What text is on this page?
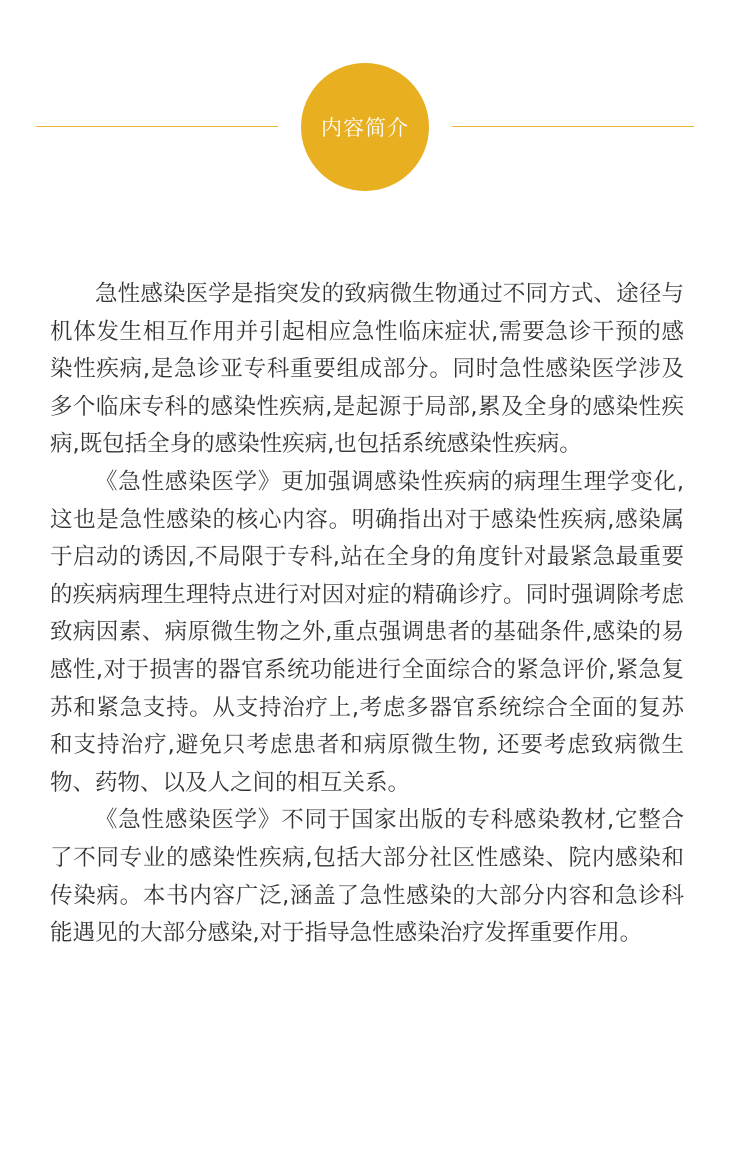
内容简介

急性感染医学是指突发的致病微生物通过不同方式、途径与机体发生相互作用并引起相应急性临床症状,需要急诊干预的感染性疾病,是急诊亚专科重要组成部分。同时急性感染医学涉及多个临床专科的感染性疾病,是起源于局部,累及全身的感染性疾病,既包括全身的感染性疾病,也包括系统感染性疾病。

《急性感染医学》更加强调感染性疾病的病理生理学变化,这也是急性感染的核心内容。明确指出对于感染性疾病,感染属于启动的诱因,不局限于专科,站在全身的角度针对最紧急最重要的疾病病理生理特点进行对因对症的精确诊疗。同时强调除考虑致病因素、病原微生物之外,重点强调患者的基础条件,感染的易感性,对于损害的器官系统功能进行全面综合的紧急评价,紧急复苏和紧急支持。从支持治疗上,考虑多器官系统综合全面的复苏和支持治疗,避免只考虑患者和病原微生物, 还要考虑致病微生物、药物、以及人之间的相互关系。

《急性感染医学》不同于国家出版的专科感染教材,它整合了不同专业的感染性疾病,包括大部分社区性感染、院内感染和传染病。本书内容广泛,涵盖了急性感染的大部分内容和急诊科能遇见的大部分感染,对于指导急性感染治疗发挥重要作用。
